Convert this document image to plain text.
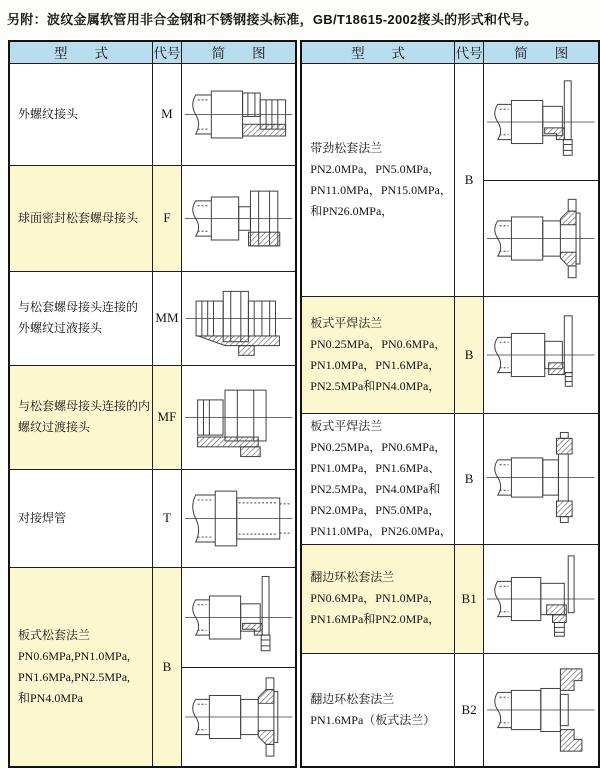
另附：波纹金属软管用非合金钢和不锈钢接头标准，GB/T18615-2002接头的形式和代号。
型　　式	代号	简　　图

外螺纹接头	M	

球面密封松套螺母接头	F	

与松套螺母接头连接的
外螺纹过液接头	MM	

与松套螺母接头连接的内
螺纹过渡接头	MF	

对接焊管	T	

板式松套法兰
PN0.6MPa,PN1.0MPa,
PN1.6MPa,PN2.5MPa,
和PN4.0MPa	B	
型　　式	代号	简　　图

带劲松套法兰
PN2.0MPa，PN5.0MPa，
PN11.0MPa，PN15.0MPa，
和PN26.0MPa，	B	

板式平焊法兰
PN0.25MPa，PN0.6MPa，
PN1.0MPa，PN1.6MPa，
PN2.5MPa和PN4.0MPa，	B	

板式平焊法兰
PN0.25MPa，PN0.6MPa，
PN1.0MPa，PN1.6MPa、
PN2.5MPa，PN4.0MPa和
PN2.0MPa，PN5.0MPa，
PN11.0MPa，PN26.0MPa，
	B	

翻边环松套法兰
PN0.6MPa，PN1.0MPa，
PN1.6MPa和PN2.0MPa，	B1	

翻边环松套法兰
PN1.6MPa（板式法兰）	B2	
